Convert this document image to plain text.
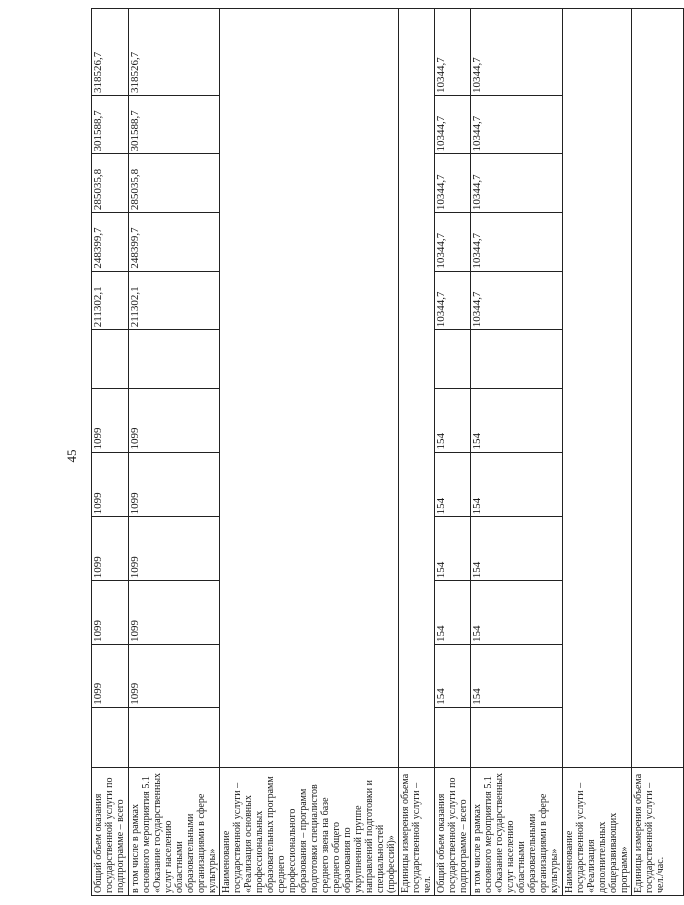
45
Общий объем оказания государственной услуги по подпрограмме – всего		1099	1099	1099	1099	1099		211302,1	248399,7	285035,8	301588,7	318526,7
в том числе в рамках основного мероприятия 5.1 «Оказание государственных услуг населению областными образовательными организациями в сфере культуры»		1099	1099	1099	1099	1099		211302,1	248399,7	285035,8	301588,7	318526,7
Наименование государственной услуги – «Реализация основных профессиональных образовательных программ среднего профессионального образования – программ подготовки специалистов среднего звена на базе среднего общего образования по укрупненной группе направлений подготовки и специальностей (профессий)»												
Единицы измерения объема государственной услуги – чел.												
Общий объем оказания государственной услуги по подпрограмме – всего		154	154	154	154	154		10344,7	10344,7	10344,7	10344,7	10344,7
в том числе в рамках основного мероприятия 5.1 «Оказание государственных услуг населению областными образовательными организациями в сфере культуры»		154	154	154	154	154		10344,7	10344,7	10344,7	10344,7	10344,7
Наименование государственной услуги – «Реализация дополнительных общеразвивающих программ»												
Единицы измерения объема государственной услуги – чел./час.												
